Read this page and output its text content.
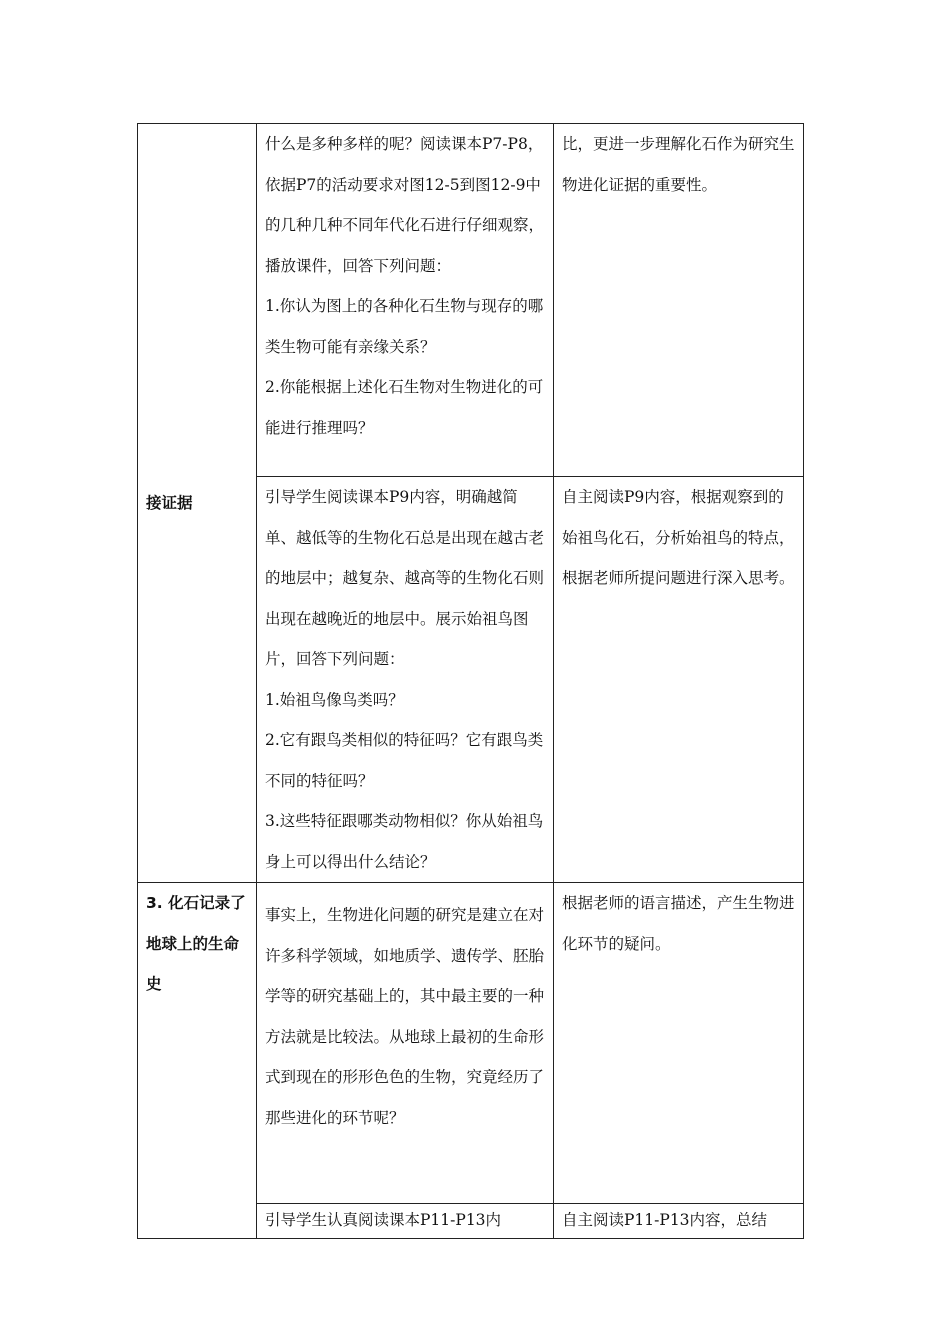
接证据	什么是多种多样的呢？阅读课本P7-P8，依据P7的活动要求对图12-5到图12-9中的几种几种不同年代化石进行仔细观察，播放课件，回答下列问题：

1.你认为图上的各种化石生物与现存的哪类生物可能有亲缘关系？

2.你能根据上述化石生物对生物进化的可能进行推理吗？	比，更进一步理解化石作为研究生物进化证据的重要性。

	引导学生阅读课本P9内容，明确越简单、越低等的生物化石总是出现在越古老的地层中；越复杂、越高等的生物化石则出现在越晚近的地层中。展示始祖鸟图片，回答下列问题：

1.始祖鸟像鸟类吗？

2.它有跟鸟类相似的特征吗？它有跟鸟类不同的特征吗？

3.这些特征跟哪类动物相似？你从始祖鸟身上可以得出什么结论？	自主阅读P9内容，根据观察到的始祖鸟化石，分析始祖鸟的特点，根据老师所提问题进行深入思考。

3. 化石记录了地球上的生命史	事实上，生物进化问题的研究是建立在对许多科学领域，如地质学、遗传学、胚胎学等的研究基础上的，其中最主要的一种方法就是比较法。从地球上最初的生命形式到现在的形形色色的生物，究竟经历了那些进化的环节呢？	根据老师的语言描述，产生生物进化环节的疑问。

	引导学生认真阅读课本P11-P13内	自主阅读P11-P13内容，总结
